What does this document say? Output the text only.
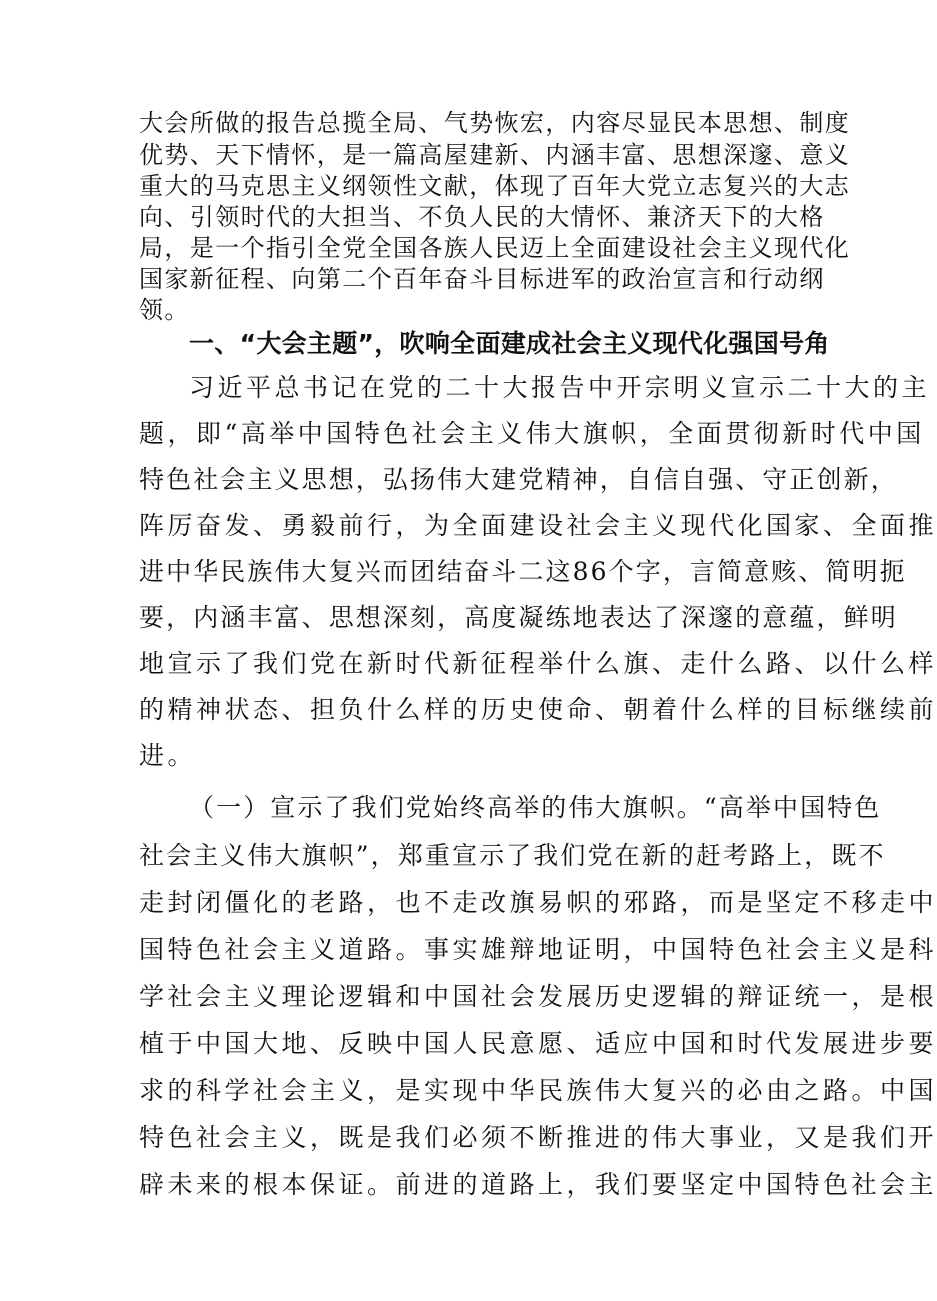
大会所做的报告总揽全局、气势恢宏，内容尽显民本思想、制度
优势、天下情怀，是一篇高屋建新、内涵丰富、思想深邃、意义
重大的马克思主义纲领性文献，体现了百年大党立志复兴的大志
向、引领时代的大担当、不负人民的大情怀、兼济天下的大格
局，是一个指引全党全国各族人民迈上全面建设社会主义现代化
国家新征程、向第二个百年奋斗目标进军的政治宣言和行动纲
领。
一、“大会主题”，吹响全面建成社会主义现代化强国号角
习近平总书记在党的二十大报告中开宗明义宣示二十大的主
题，即“高举中国特色社会主义伟大旗帜，全面贯彻新时代中国
特色社会主义思想，弘扬伟大建党精神，自信自强、守正创新，
阵厉奋发、勇毅前行，为全面建设社会主义现代化国家、全面推
进中华民族伟大复兴而团结奋斗二这86个字，言简意赅、简明扼
要，内涵丰富、思想深刻，高度凝练地表达了深邃的意蕴，鲜明
地宣示了我们党在新时代新征程举什么旗、走什么路、以什么样
的精神状态、担负什么样的历史使命、朝着什么样的目标继续前
进。
（一）宣示了我们党始终高举的伟大旗帜。“高举中国特色
社会主义伟大旗帜”，郑重宣示了我们党在新的赶考路上，既不
走封闭僵化的老路，也不走改旗易帜的邪路，而是坚定不移走中
国特色社会主义道路。事实雄辩地证明，中国特色社会主义是科
学社会主义理论逻辑和中国社会发展历史逻辑的辩证统一，是根
植于中国大地、反映中国人民意愿、适应中国和时代发展进步要
求的科学社会主义，是实现中华民族伟大复兴的必由之路。中国
特色社会主义，既是我们必须不断推进的伟大事业，又是我们开
辟未来的根本保证。前进的道路上，我们要坚定中国特色社会主
